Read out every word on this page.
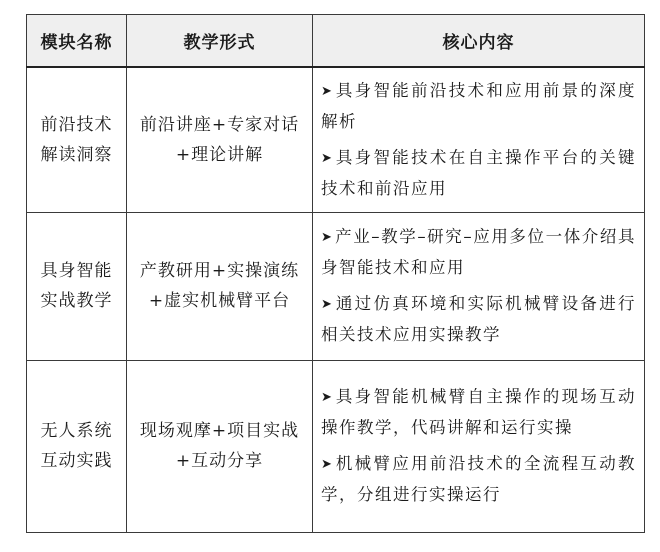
模块名称	教学形式	核心内容
前沿技术解读洞察	前沿讲座+专家对话+理论讲解	➤ 具身智能前沿技术和应用前景的深度解析

➤ 具身智能技术在自主操作平台的关键技术和前沿应用

具身智能实战教学	产教研用+实操演练+虚实机械臂平台	➤ 产业–教学–研究–应用多位一体介绍具身智能技术和应用

➤ 通过仿真环境和实际机械臂设备进行相关技术应用实操教学

无人系统互动实践	现场观摩+项目实战+互动分享	➤ 具身智能机械臂自主操作的现场互动操作教学，代码讲解和运行实操

➤ 机械臂应用前沿技术的全流程互动教学，分组进行实操运行
